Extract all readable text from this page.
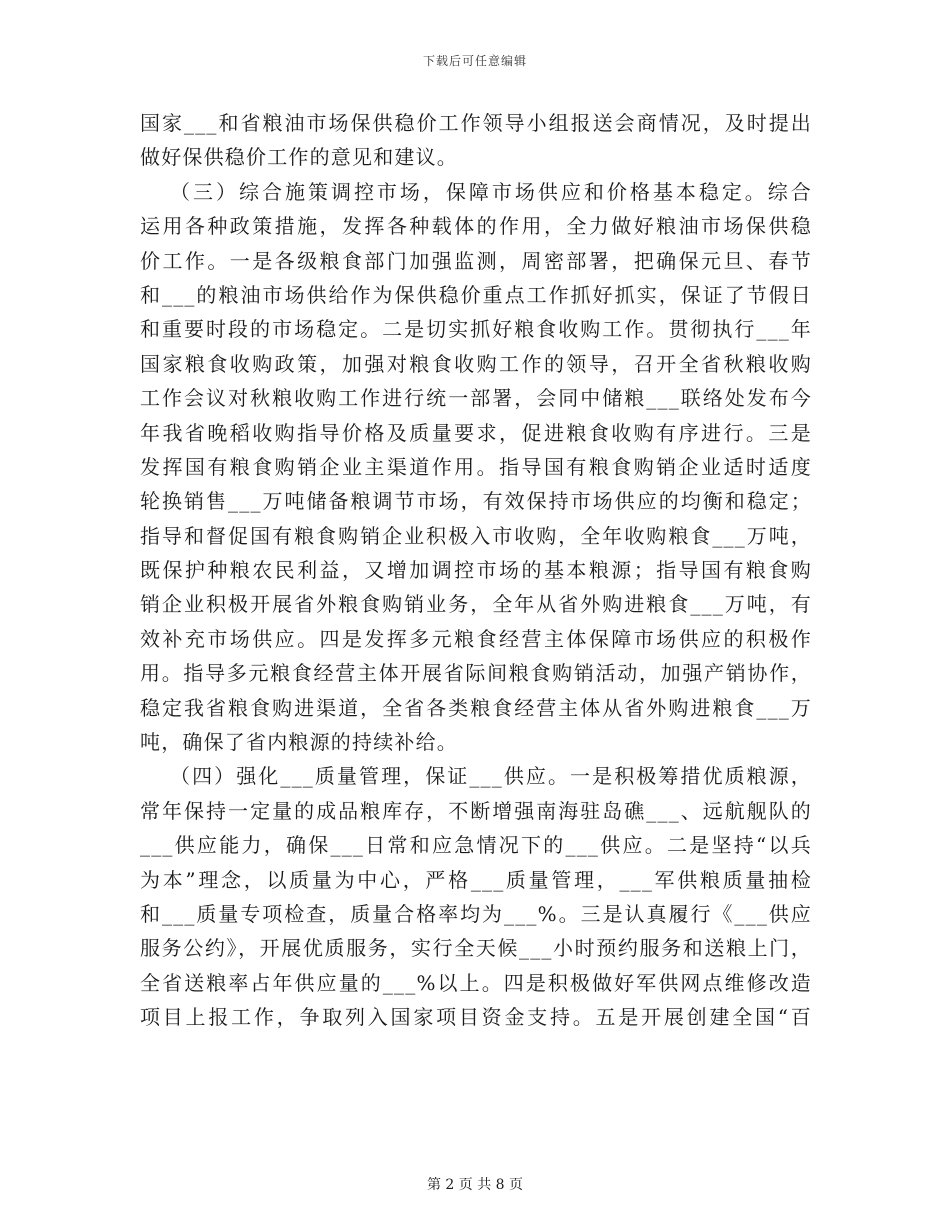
下载后可任意编辑
国家___和省粮油市场保供稳价工作领导小组报送会商情况，及时提出
做好保供稳价工作的意见和建议。
（三）综合施策调控市场，保障市场供应和价格基本稳定。综合
运用各种政策措施，发挥各种载体的作用，全力做好粮油市场保供稳
价工作。一是各级粮食部门加强监测，周密部署，把确保元旦、春节
和___的粮油市场供给作为保供稳价重点工作抓好抓实，保证了节假日
和重要时段的市场稳定。二是切实抓好粮食收购工作。贯彻执行___年
国家粮食收购政策，加强对粮食收购工作的领导，召开全省秋粮收购
工作会议对秋粮收购工作进行统一部署，会同中储粮___联络处发布今
年我省晚稻收购指导价格及质量要求，促进粮食收购有序进行。三是
发挥国有粮食购销企业主渠道作用。指导国有粮食购销企业适时适度
轮换销售___万吨储备粮调节市场，有效保持市场供应的均衡和稳定；
指导和督促国有粮食购销企业积极入市收购，全年收购粮食___万吨，
既保护种粮农民利益，又增加调控市场的基本粮源；指导国有粮食购
销企业积极开展省外粮食购销业务，全年从省外购进粮食___万吨，有
效补充市场供应。四是发挥多元粮食经营主体保障市场供应的积极作
用。指导多元粮食经营主体开展省际间粮食购销活动，加强产销协作，
稳定我省粮食购进渠道，全省各类粮食经营主体从省外购进粮食___万
吨，确保了省内粮源的持续补给。
（四）强化___质量管理，保证___供应。一是积极筹措优质粮源，
常年保持一定量的成品粮库存，不断增强南海驻岛礁___、远航舰队的
___供应能力，确保___日常和应急情况下的___供应。二是坚持“以兵
为本”理念，以质量为中心，严格___质量管理，___军供粮质量抽检
和___质量专项检查，质量合格率均为___%。三是认真履行《___供应
服务公约》，开展优质服务，实行全天候___小时预约服务和送粮上门，
全省送粮率占年供应量的___%以上。四是积极做好军供网点维修改造
项目上报工作，争取列入国家项目资金支持。五是开展创建全国“百
第 2 页 共 8 页
